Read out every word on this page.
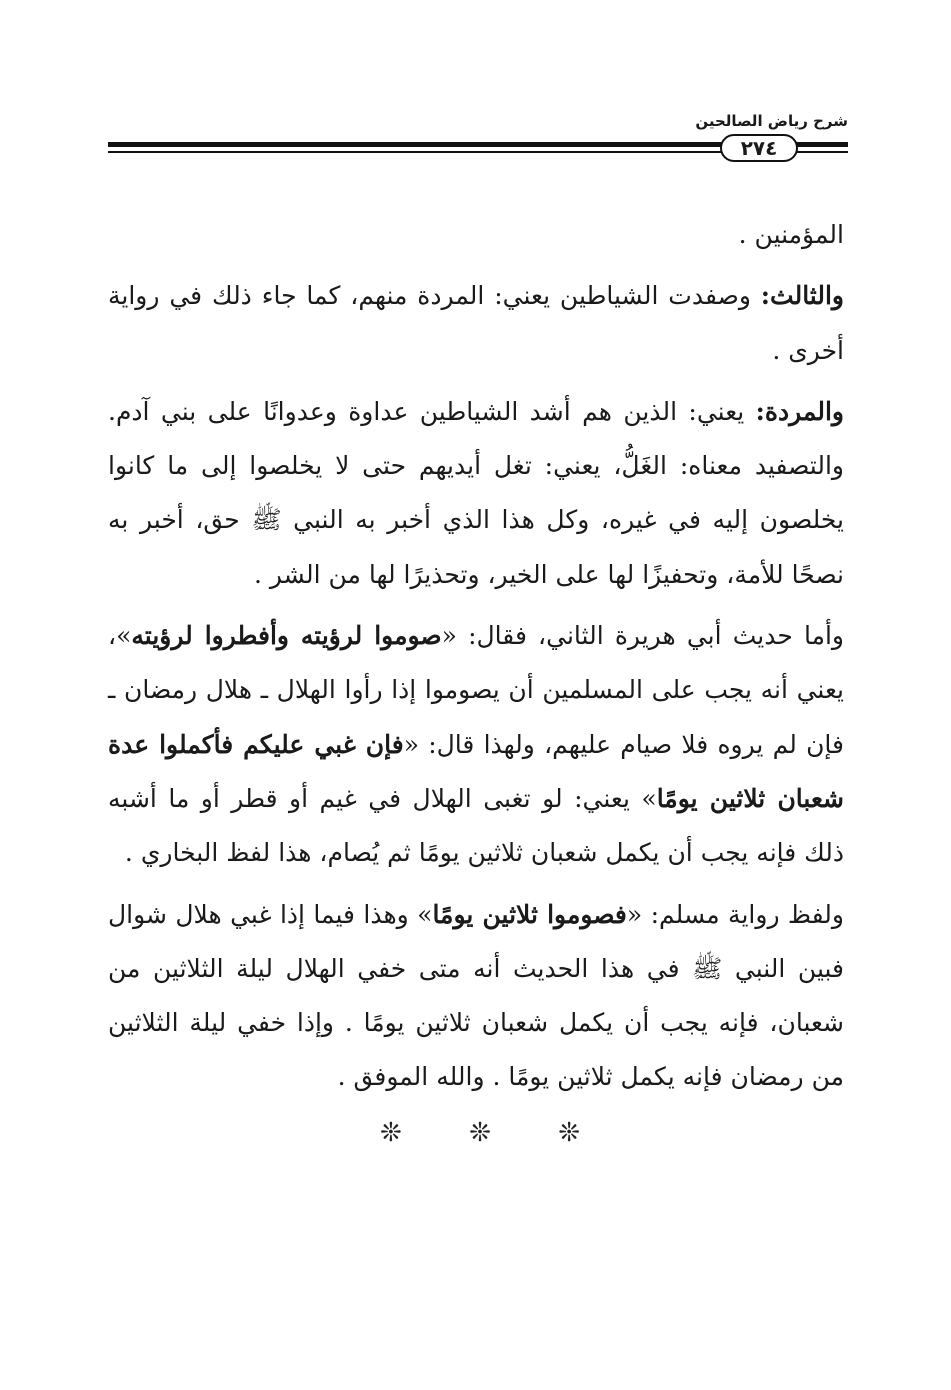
شرح رياض الصالحين
٢٧٤

المؤمنين .

والثالث: وصفدت الشياطين يعني: المردة منهم، كما جاء ذلك في رواية أخرى .

والمردة: يعني: الذين هم أشد الشياطين عداوة وعدوانًا على بني آدم. والتصفيد معناه: الغَلُّ، يعني: تغل أيديهم حتى لا يخلصوا إلى ما كانوا يخلصون إليه في غيره، وكل هذا الذي أخبر به النبي ﷺ حق، أخبر به نصحًا للأمة، وتحفيزًا لها على الخير، وتحذيرًا لها من الشر .

وأما حديث أبي هريرة الثاني، فقال: «صوموا لرؤيته وأفطروا لرؤيته»، يعني أنه يجب على المسلمين أن يصوموا إذا رأوا الهلال ـ هلال رمضان ـ فإن لم يروه فلا صيام عليهم، ولهذا قال: «فإن غبي عليكم فأكملوا عدة شعبان ثلاثين يومًا» يعني: لو تغبى الهلال في غيم أو قطر أو ما أشبه ذلك فإنه يجب أن يكمل شعبان ثلاثين يومًا ثم يُصام، هذا لفظ البخاري .

ولفظ رواية مسلم: «فصوموا ثلاثين يومًا» وهذا فيما إذا غبي هلال شوال فبين النبي ﷺ في هذا الحديث أنه متى خفي الهلال ليلة الثلاثين من شعبان، فإنه يجب أن يكمل شعبان ثلاثين يومًا . وإذا خفي ليلة الثلاثين من رمضان فإنه يكمل ثلاثين يومًا . والله الموفق .

❊	❊	❊
